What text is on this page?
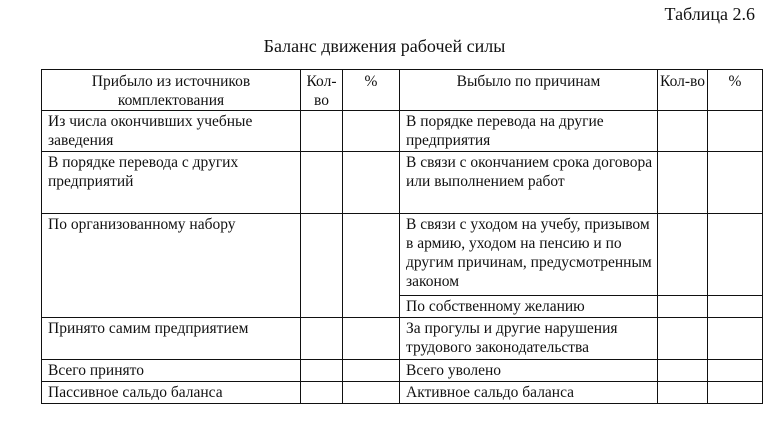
Таблица 2.6
Баланс движения рабочей силы
Прибыло из источников комплектования	Кол-во	%	Выбыло по причинам	Кол-во	%
Из числа окончивших учебные заведения			В порядке перевода на другие предприятия		
В порядке перевода с других предприятий			В связи с окончанием срока договора или выполнением работ		
По организованному набору			В связи с уходом на учебу, призывом в армию, уходом на пенсию и по другим причинам, предусмотренным законом		
			По собственному желанию		
Принято самим предприятием			За прогулы и другие нарушения трудового законодательства		
Всего принято			Всего уволено		
Пассивное сальдо баланса			Активное сальдо баланса		
